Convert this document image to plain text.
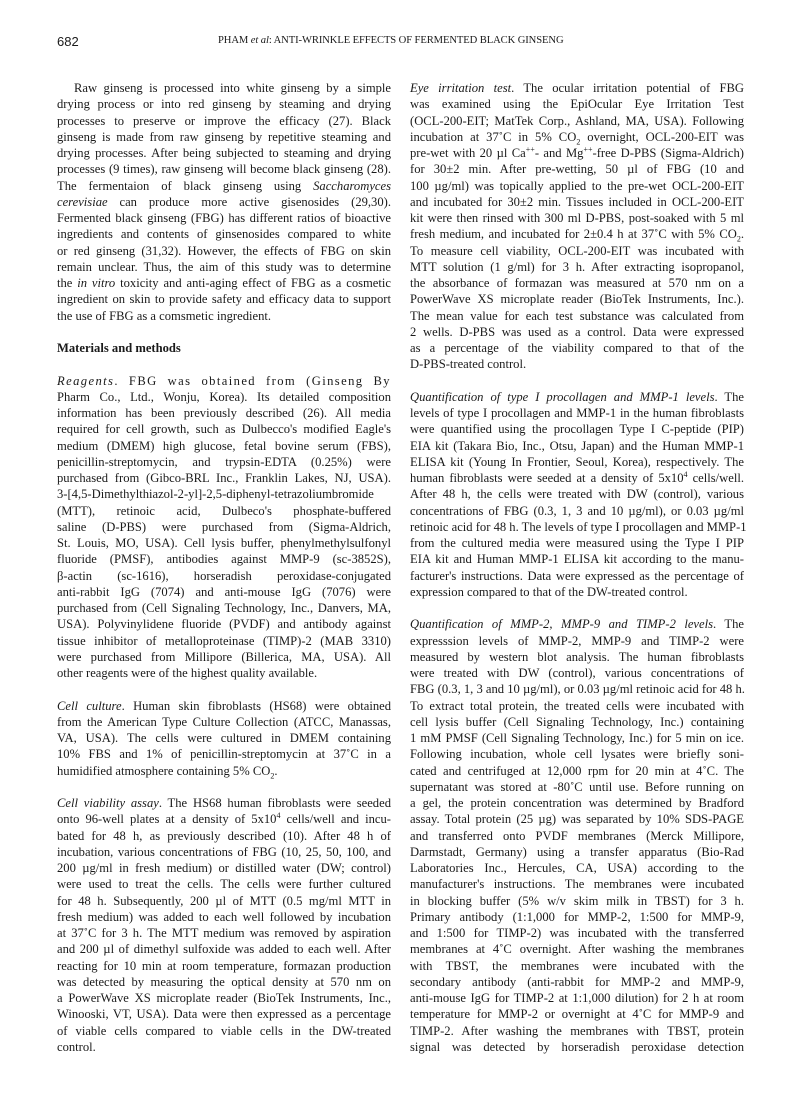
682	PHAM et al: ANTI-WRINKLE EFFECTS OF FERMENTED BLACK GINSENG
Raw ginseng is processed into white ginseng by a simple
drying process or into red ginseng by steaming and drying
processes to preserve or improve the efficacy (27). Black
ginseng is made from raw ginseng by repetitive steaming and
drying processes. After being subjected to steaming and drying
processes (9 times), raw ginseng will become black ginseng (28).
The fermentaion of black ginseng using Saccharomyces
cerevisiae can produce more active gisenosides (29,30).
Fermented black ginseng (FBG) has different ratios of bioactive
ingredients and contents of ginsenosides compared to white
or red ginseng (31,32). However, the effects of FBG on skin
remain unclear. Thus, the aim of this study was to determine
the in vitro toxicity and anti-aging effect of FBG as a cosmetic
ingredient on skin to provide safety and efficacy data to support
the use of FBG as a comsmetic ingredient.
Materials and methods
Reagents. FBG was obtained from (Ginseng By
Pharm Co., Ltd., Wonju, Korea). Its detailed composition
information has been previously described (26). All media
required for cell growth, such as Dulbecco's modified Eagle's
medium (DMEM) high glucose, fetal bovine serum (FBS),
penicillin-streptomycin, and trypsin-EDTA (0.25%) were
purchased from (Gibco-BRL Inc., Franklin Lakes, NJ, USA).
3-[4,5-Dimethylthiazol-2-yl]-2,5-diphenyl-tetrazoliumbromide
(MTT), retinoic acid, Dulbeco's phosphate-buffered
saline (D-PBS) were purchased from (Sigma-Aldrich,
St. Louis, MO, USA). Cell lysis buffer, phenylmethylsulfonyl
fluoride (PMSF), antibodies against MMP-9 (sc-3852S),
β-actin (sc-1616), horseradish peroxidase-conjugated
anti-rabbit IgG (7074) and anti-mouse IgG (7076) were
purchased from (Cell Signaling Technology, Inc., Danvers, MA,
USA). Polyvinylidene fluoride (PVDF) and antibody against
tissue inhibitor of metalloproteinase (TIMP)-2 (MAB 3310)
were purchased from Millipore (Billerica, MA, USA). All
other reagents were of the highest quality available.
Cell culture. Human skin fibroblasts (HS68) were obtained
from the American Type Culture Collection (ATCC, Manassas,
VA, USA). The cells were cultured in DMEM containing
10% FBS and 1% of penicillin-streptomycin at 37˚C in a
humidified atmosphere containing 5% $CO_2$.
Cell viability assay. The HS68 human fibroblasts were seeded
onto 96-well plates at a density of $5x10^4$ cells/well and incu-
bated for 48 h, as previously described (10). After 48 h of
incubation, various concentrations of FBG (10, 25, 50, 100, and
200 µg/ml in fresh medium) or distilled water (DW; control)
were used to treat the cells. The cells were further cultured
for 48 h. Subsequently, 200 µl of MTT (0.5 mg/ml MTT in
fresh medium) was added to each well followed by incubation
at 37˚C for 3 h. The MTT medium was removed by aspiration
and 200 µl of dimethyl sulfoxide was added to each well. After
reacting for 10 min at room temperature, formazan production
was detected by measuring the optical density at 570 nm on
a PowerWave XS microplate reader (BioTek Instruments, Inc.,
Winooski, VT, USA). Data were then expressed as a percentage
of viable cells compared to viable cells in the DW-treated
control.
Eye irritation test. The ocular irritation potential of FBG
was examined using the EpiOcular Eye Irritation Test
(OCL-200-EIT; MatTek Corp., Ashland, MA, USA). Following
incubation at 37˚C in 5% $CO_2$ overnight, OCL-200-EIT was
pre-wet with 20 µl Ca++- and Mg++-free D-PBS (Sigma-Aldrich)
for 30±2 min. After pre-wetting, 50 µl of FBG (10 and
100 µg/ml) was topically applied to the pre-wet OCL-200-EIT
and incubated for 30±2 min. Tissues included in OCL-200-EIT
kit were then rinsed with 300 ml D-PBS, post-soaked with 5 ml
fresh medium, and incubated for 2±0.4 h at 37˚C with 5% $CO_2$.
To measure cell viability, OCL-200-EIT was incubated with
MTT solution (1 g/ml) for 3 h. After extracting isopropanol,
the absorbance of formazan was measured at 570 nm on a
PowerWave XS microplate reader (BioTek Instruments, Inc.).
The mean value for each test substance was calculated from
2 wells. D-PBS was used as a control. Data were expressed
as a percentage of the viability compared to that of the
D-PBS-treated control.
Quantification of type I procollagen and MMP-1 levels. The
levels of type I procollagen and MMP-1 in the human fibroblasts
were quantified using the procollagen Type I C-peptide (PIP)
EIA kit (Takara Bio, Inc., Otsu, Japan) and the Human MMP-1
ELISA kit (Young In Frontier, Seoul, Korea), respectively. The
human fibroblasts were seeded at a density of $5x10^4$ cells/well.
After 48 h, the cells were treated with DW (control), various
concentrations of FBG (0.3, 1, 3 and 10 µg/ml), or 0.03 µg/ml
retinoic acid for 48 h. The levels of type I procollagen and MMP-1
from the cultured media were measured using the Type I PIP
EIA kit and Human MMP-1 ELISA kit according to the manu-
facturer's instructions. Data were expressed as the percentage of
expression compared to that of the DW-treated control.
Quantification of MMP-2, MMP-9 and TIMP-2 levels. The
expresssion levels of MMP-2, MMP-9 and TIMP-2 were
measured by western blot analysis. The human fibroblasts
were treated with DW (control), various concentrations of
FBG (0.3, 1, 3 and 10 µg/ml), or 0.03 µg/ml retinoic acid for 48 h.
To extract total protein, the treated cells were incubated with
cell lysis buffer (Cell Signaling Technology, Inc.) containing
1 mM PMSF (Cell Signaling Technology, Inc.) for 5 min on ice.
Following incubation, whole cell lysates were briefly soni-
cated and centrifuged at 12,000 rpm for 20 min at 4˚C. The
supernatant was stored at -80˚C until use. Before running on
a gel, the protein concentration was determined by Bradford
assay. Total protein (25 µg) was separated by 10% SDS-PAGE
and transferred onto PVDF membranes (Merck Millipore,
Darmstadt, Germany) using a transfer apparatus (Bio-Rad
Laboratories Inc., Hercules, CA, USA) according to the
manufacturer's instructions. The membranes were incubated
in blocking buffer (5% w/v skim milk in TBST) for 3 h.
Primary antibody (1:1,000 for MMP-2, 1:500 for MMP-9,
and 1:500 for TIMP-2) was incubated with the transferred
membranes at 4˚C overnight. After washing the membranes
with TBST, the membranes were incubated with the
secondary antibody (anti-rabbit for MMP-2 and MMP-9,
anti-mouse IgG for TIMP-2 at 1:1,000 dilution) for 2 h at room
temperature for MMP-2 or overnight at 4˚C for MMP-9 and
TIMP-2. After washing the membranes with TBST, protein
signal was detected by horseradish peroxidase detection
